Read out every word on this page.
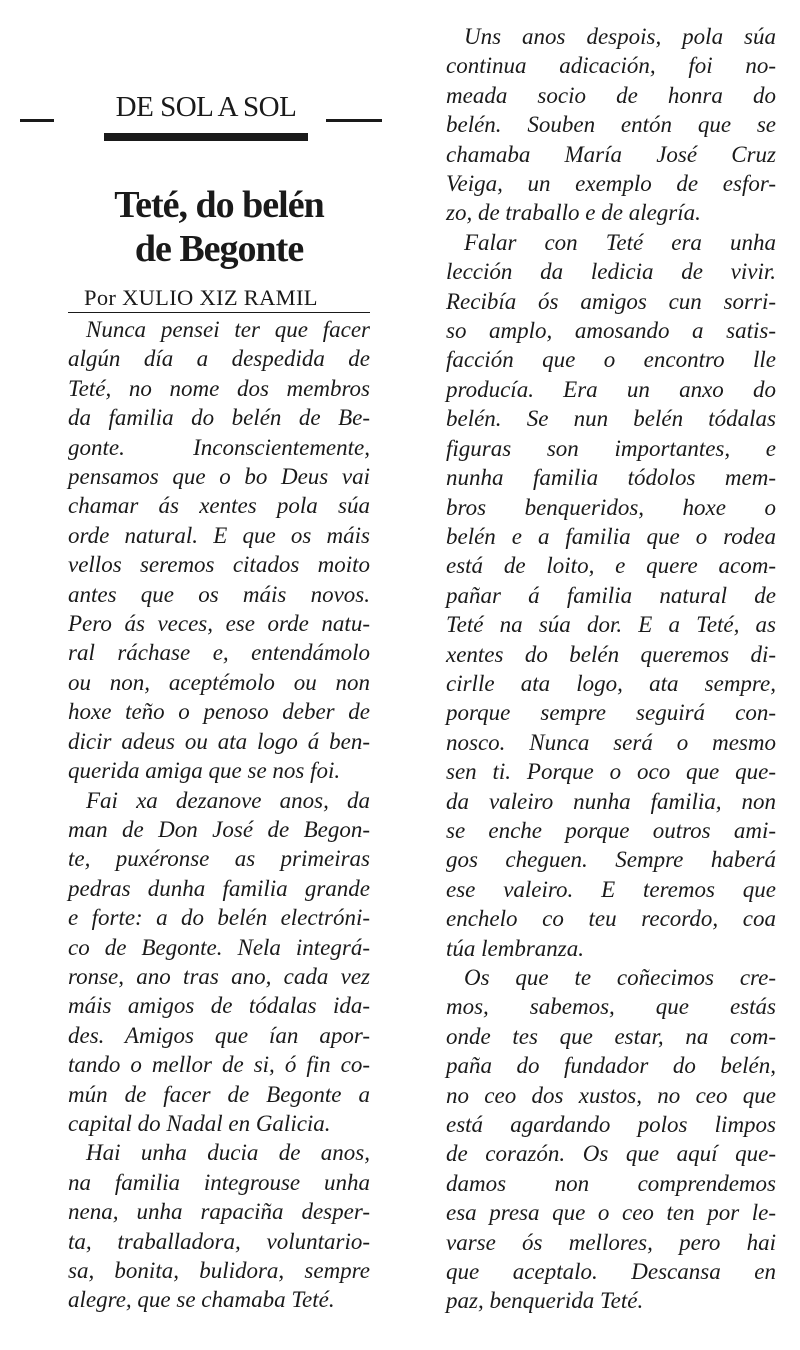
DE SOL A SOL
Teté, do belén
de Begonte
Por XULIO XIZ RAMIL
Nunca pensei ter que facer
algún día a despedida de
Teté, no nome dos membros
da familia do belén de Be-
gonte. Inconscientemente,
pensamos que o bo Deus vai
chamar ás xentes pola súa
orde natural. E que os máis
vellos seremos citados moito
antes que os máis novos.
Pero ás veces, ese orde natu-
ral ráchase e, entendámolo
ou non, aceptémolo ou non
hoxe teño o penoso deber de
dicir adeus ou ata logo á ben-
querida amiga que se nos foi.
Fai xa dezanove anos, da
man de Don José de Begon-
te, puxéronse as primeiras
pedras dunha familia grande
e forte: a do belén electróni-
co de Begonte. Nela integrá-
ronse, ano tras ano, cada vez
máis amigos de tódalas ida-
des. Amigos que ían apor-
tando o mellor de si, ó fin co-
mún de facer de Begonte a
capital do Nadal en Galicia.
Hai unha ducia de anos,
na familia integrouse unha
nena, unha rapaciña desper-
ta, traballadora, voluntario-
sa, bonita, bulidora, sempre
alegre, que se chamaba Teté.
Uns anos despois, pola súa
continua adicación, foi no-
meada socio de honra do
belén. Souben entón que se
chamaba María José Cruz
Veiga, un exemplo de esfor-
zo, de traballo e de alegría.
Falar con Teté era unha
lección da ledicia de vivir.
Recibía ós amigos cun sorri-
so amplo, amosando a satis-
facción que o encontro lle
producía. Era un anxo do
belén. Se nun belén tódalas
figuras son importantes, e
nunha familia tódolos mem-
bros benqueridos, hoxe o
belén e a familia que o rodea
está de loito, e quere acom-
pañar á familia natural de
Teté na súa dor. E a Teté, as
xentes do belén queremos di-
cirlle ata logo, ata sempre,
porque sempre seguirá con-
nosco. Nunca será o mesmo
sen ti. Porque o oco que que-
da valeiro nunha familia, non
se enche porque outros ami-
gos cheguen. Sempre haberá
ese valeiro. E teremos que
enchelo co teu recordo, coa
túa lembranza.
Os que te coñecimos cre-
mos, sabemos, que estás
onde tes que estar, na com-
paña do fundador do belén,
no ceo dos xustos, no ceo que
está agardando polos limpos
de corazón. Os que aquí que-
damos non comprendemos
esa presa que o ceo ten por le-
varse ós mellores, pero hai
que aceptalo. Descansa en
paz, benquerida Teté.
